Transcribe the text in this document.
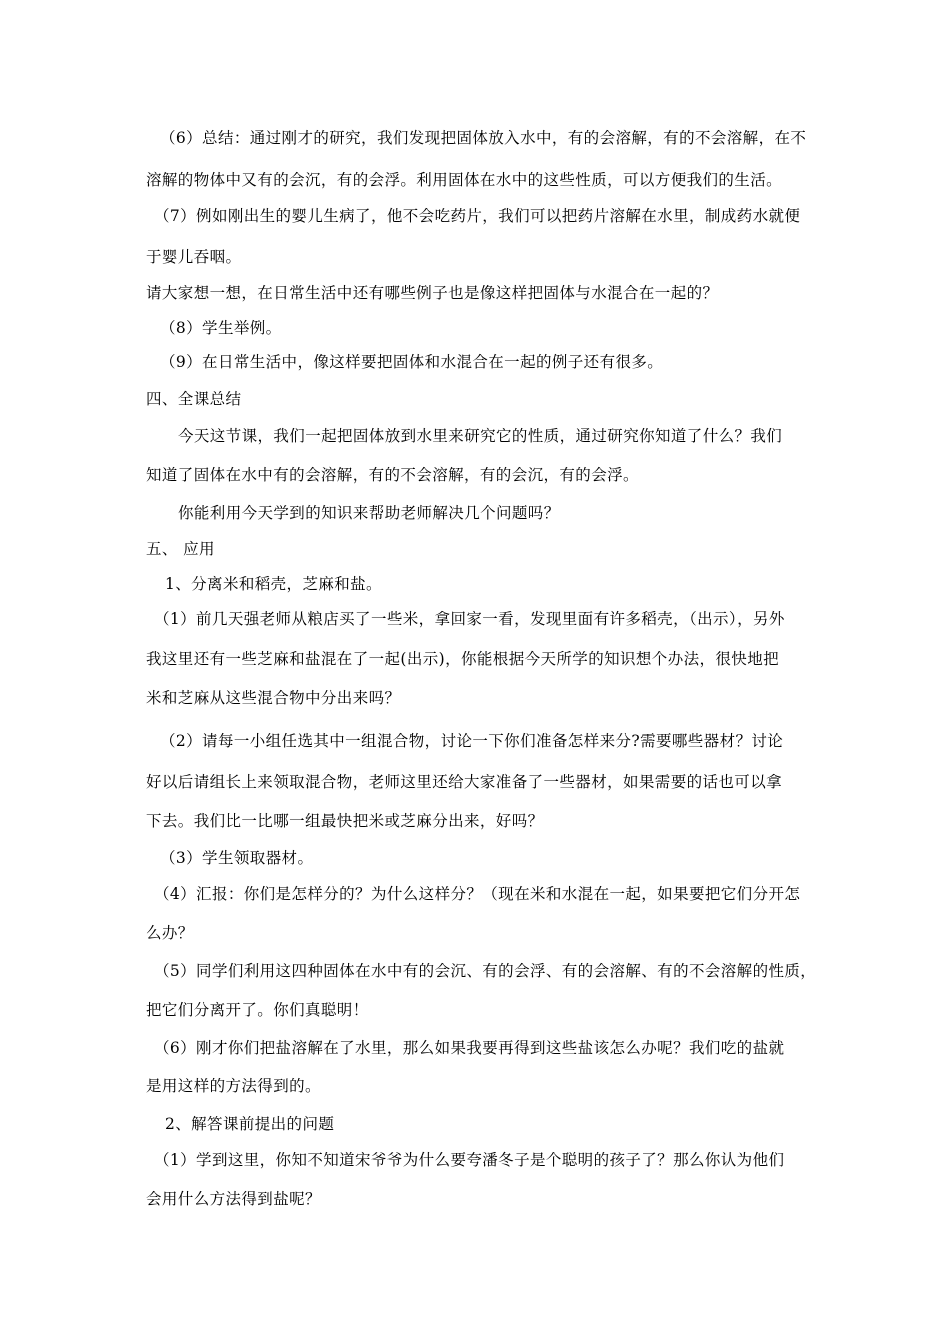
（6）总结：通过刚才的研究，我们发现把固体放入水中，有的会溶解，有的不会溶解，在不
溶解的物体中又有的会沉，有的会浮。利用固体在水中的这些性质，可以方便我们的生活。
（7）例如刚出生的婴儿生病了，他不会吃药片，我们可以把药片溶解在水里，制成药水就便
于婴儿吞咽。
请大家想一想，在日常生活中还有哪些例子也是像这样把固体与水混合在一起的？
（8）学生举例。
（9）在日常生活中，像这样要把固体和水混合在一起的例子还有很多。
四、全课总结
今天这节课，我们一起把固体放到水里来研究它的性质，通过研究你知道了什么？我们
知道了固体在水中有的会溶解，有的不会溶解，有的会沉，有的会浮。
你能利用今天学到的知识来帮助老师解决几个问题吗？
五、 应用
1、分离米和稻壳，芝麻和盐。
（1）前几天强老师从粮店买了一些米，拿回家一看，发现里面有许多稻壳，（出示），另外
我这里还有一些芝麻和盐混在了一起(出示)，你能根据今天所学的知识想个办法，很快地把
米和芝麻从这些混合物中分出来吗？
（2）请每一小组任选其中一组混合物，讨论一下你们准备怎样来分?需要哪些器材？讨论
好以后请组长上来领取混合物，老师这里还给大家准备了一些器材，如果需要的话也可以拿
下去。我们比一比哪一组最快把米或芝麻分出来，好吗？
（3）学生领取器材。
（4）汇报：你们是怎样分的？为什么这样分？（现在米和水混在一起，如果要把它们分开怎
么办？
（5）同学们利用这四种固体在水中有的会沉、有的会浮、有的会溶解、有的不会溶解的性质，
把它们分离开了。你们真聪明！
（6）刚才你们把盐溶解在了水里，那么如果我要再得到这些盐该怎么办呢？我们吃的盐就
是用这样的方法得到的。
2、解答课前提出的问题
（1）学到这里，你知不知道宋爷爷为什么要夸潘冬子是个聪明的孩子了？那么你认为他们
会用什么方法得到盐呢？
